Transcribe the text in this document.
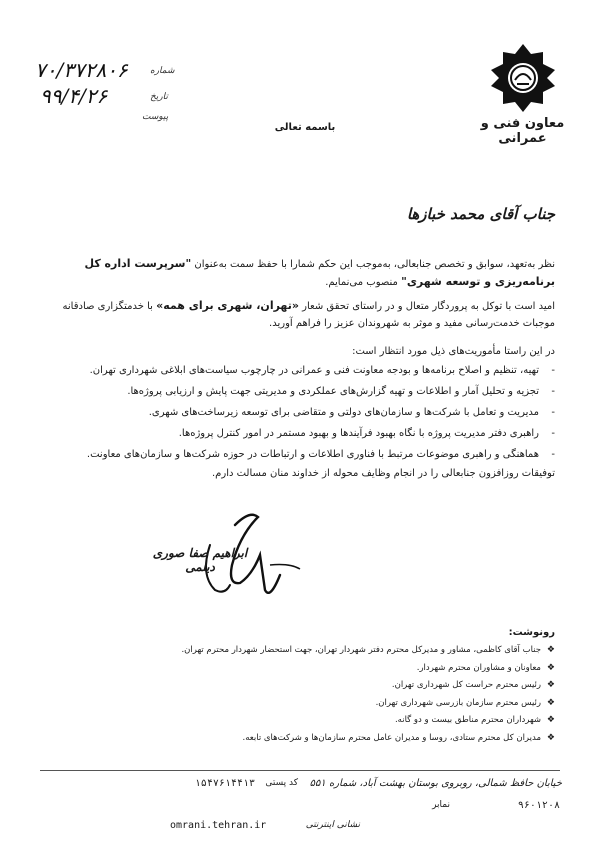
معاون فنی و عمرانی
باسمه تعالی
شماره
۷۰/۳۷۲۸۰۶
تاریخ
۹۹/۴/۲۶
پیوست
جناب آقای محمد خبازها
نظر به‌تعهد، سوابق و تخصص جنابعالی، به‌موجب این حکم شمارا با حفظ سمت به‌عنوان "سرپرست اداره کل برنامه‌ریزی و توسعه شهری" منصوب می‌نمایم.
امید است با توکل به پروردگار متعال و در راستای تحقق شعار «تهران، شهری برای همه» با خدمتگزاری صادقانه موجبات خدمت‌رسانی مفید و موثر به شهروندان عزیز را فراهم آورید.
در این راستا مأموریت‌های ذیل مورد انتظار است:
-
تهیه، تنظیم و اصلاح برنامه‌ها و بودجه معاونت فنی و عمرانی در چارچوب سیاست‌های ابلاغی شهرداری تهران.
-
تجزیه و تحلیل آمار و اطلاعات و تهیه گزارش‌های عملکردی و مدیریتی جهت پایش و ارزیابی پروژه‌ها.
-
مدیریت و تعامل با شرکت‌ها و سازمان‌های دولتی و متقاضی برای توسعه زیرساخت‌های شهری.
-
راهبری دفتر مدیریت پروژه با نگاه بهبود فرآیندها و بهبود مستمر در امور کنترل پروژه‌ها.
-
هماهنگی و راهبری موضوعات مرتبط با فناوری اطلاعات و ارتباطات در حوزه شرکت‌ها و سازمان‌های معاونت.
توفیقات روزافزون جنابعالی را در انجام وظایف محوله از خداوند منان مسالت دارم.
ابراهیم صفا صوری دیلمی
رونوشت:
❖
جناب آقای کاظمی، مشاور و مدیرکل محترم دفتر شهردار تهران، جهت استحضار شهردار محترم تهران.
❖
معاونان و مشاوران محترم شهردار.
❖
رئیس محترم حراست کل شهرداری تهران.
❖
رئیس محترم سازمان بازرسی شهرداری تهران.
❖
شهرداران محترم مناطق بیست و دو گانه.
❖
مدیران کل محترم ستادی، روسا و مدیران عامل محترم سازمان‌ها و شرکت‌های تابعه.
خیابان حافظ شمالی، روبروی بوستان بهشت آباد، شماره ۵۵۱
کد پستی
۱۵۴۷۶۱۴۴۱۳
نمابر	۹۶۰۱۲۰۸
نشانی اینترنتی
omrani.tehran.ir
